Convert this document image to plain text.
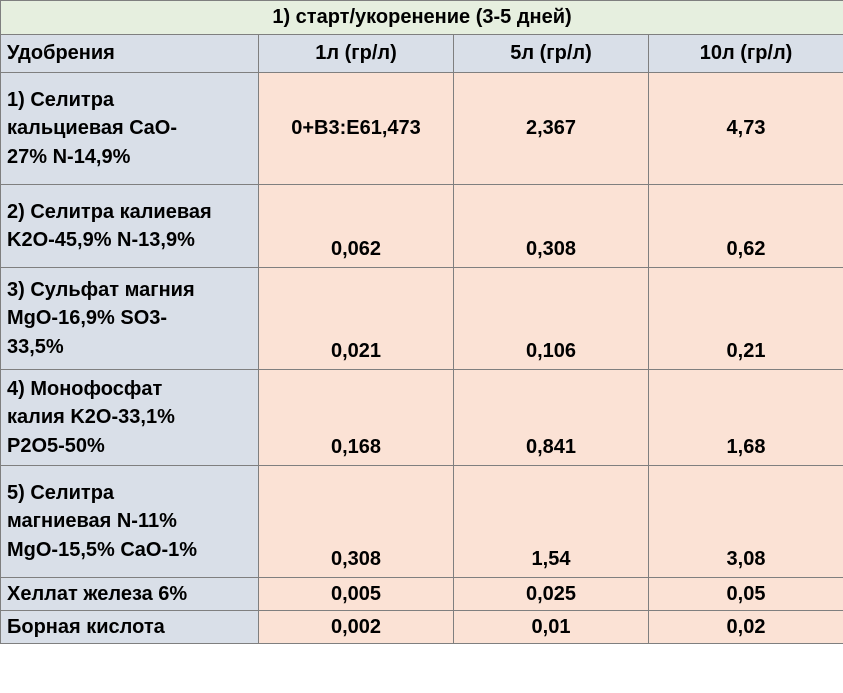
1) старт/укоренение (3-5 дней)			
Удобрения	1л (гр/л)	5л (гр/л)	10л (гр/л)

1) Селитра
кальциевая CaO-
27% N-14,9%	0+B3:E61,473	2,367	4,73

2) Селитра калиевая
K2O-45,9% N-13,9%	0,062	0,308	0,62

3) Сульфат магния
MgO-16,9% SO3-
33,5%	0,021	0,106	0,21

4) Монофосфат
калия K2O-33,1%
P2O5-50%	0,168	0,841	1,68

5) Селитра
магниевая N-11%
MgO-15,5% CaO-1%	0,308	1,54	3,08

Хеллат железа 6%	0,005	0,025	0,05

Борная кислота	0,002	0,01	0,02
